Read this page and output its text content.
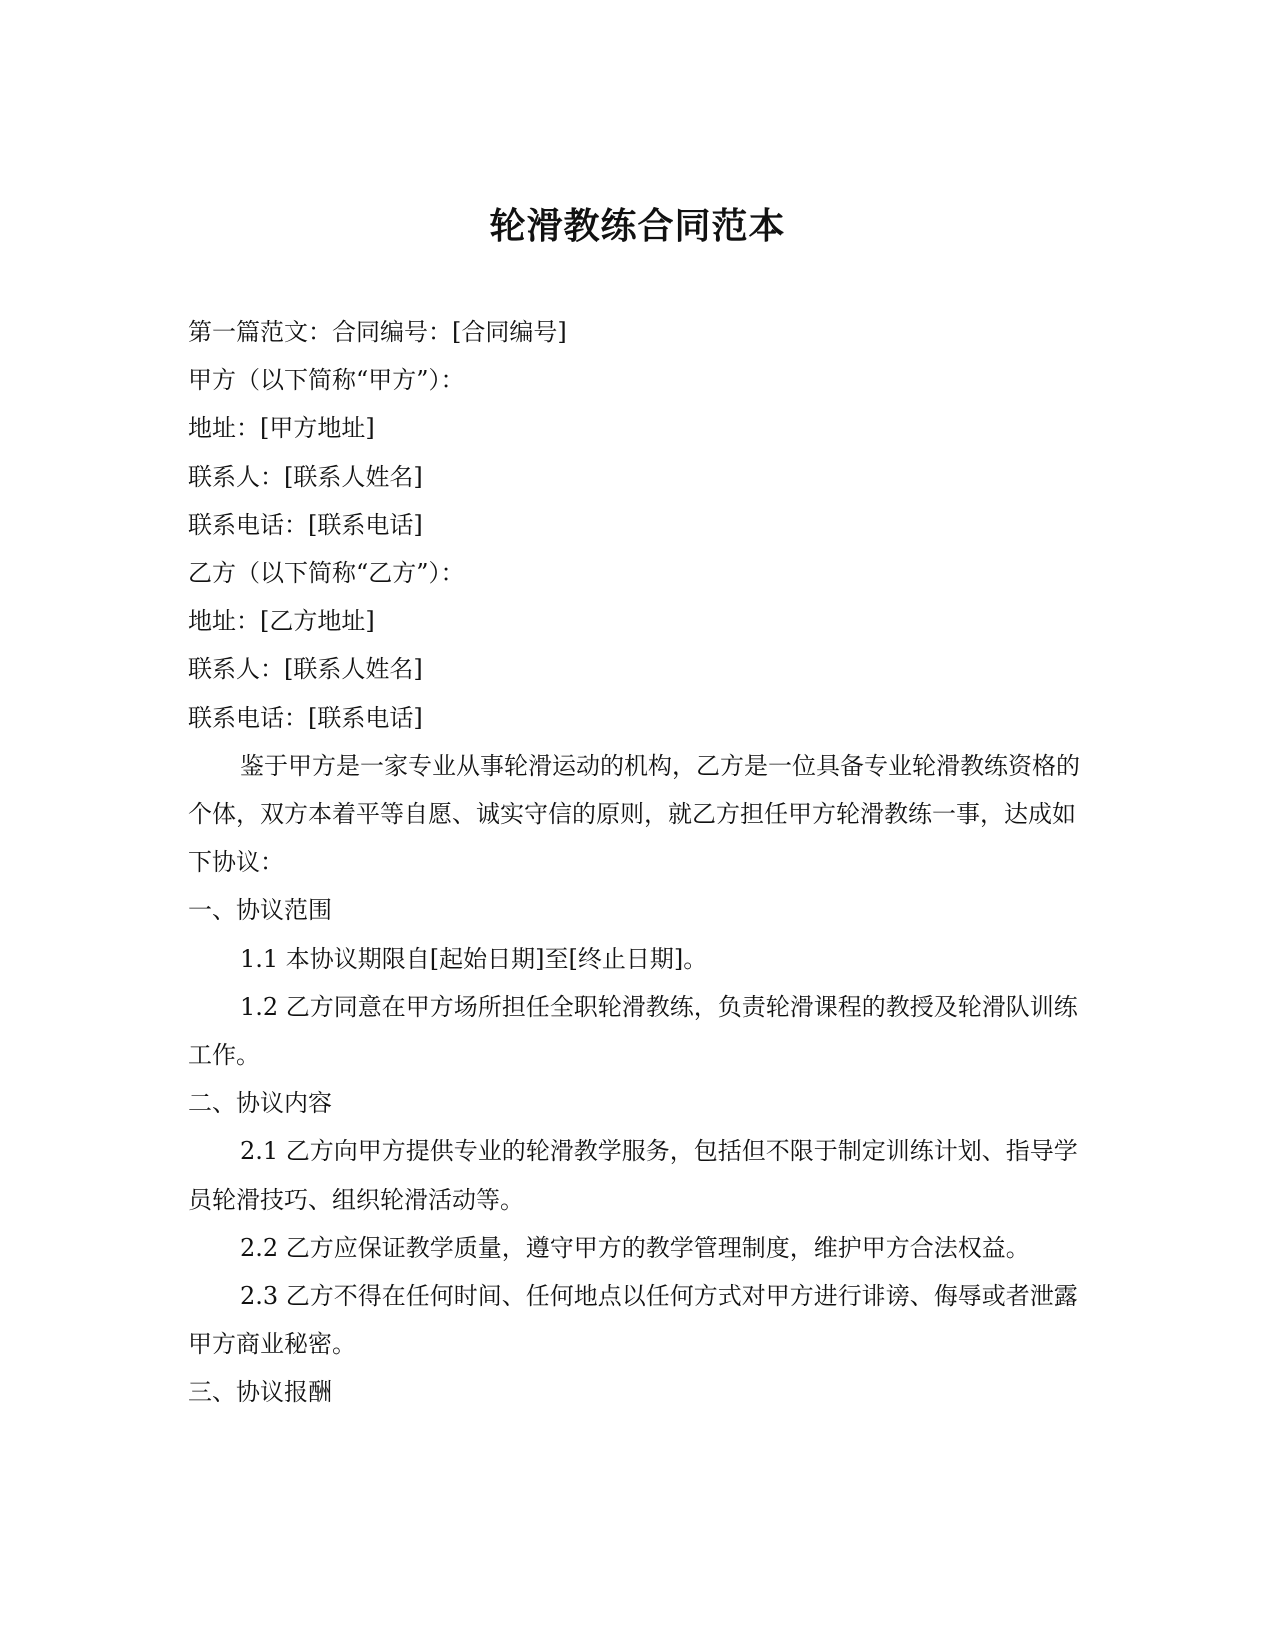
轮滑教练合同范本

第一篇范文：合同编号：[合同编号]

甲方（以下简称“甲方”）：

地址：[甲方地址]

联系人：[联系人姓名]

联系电话：[联系电话]

乙方（以下简称“乙方”）：

地址：[乙方地址]

联系人：[联系人姓名]

联系电话：[联系电话]

鉴于甲方是一家专业从事轮滑运动的机构，乙方是一位具备专业轮滑教练资格的个体，双方本着平等自愿、诚实守信的原则，就乙方担任甲方轮滑教练一事，达成如下协议：

一、协议范围

1.1 本协议期限自[起始日期]至[终止日期]。

1.2 乙方同意在甲方场所担任全职轮滑教练，负责轮滑课程的教授及轮滑队训练工作。

二、协议内容

2.1 乙方向甲方提供专业的轮滑教学服务，包括但不限于制定训练计划、指导学员轮滑技巧、组织轮滑活动等。

2.2 乙方应保证教学质量，遵守甲方的教学管理制度，维护甲方合法权益。

2.3 乙方不得在任何时间、任何地点以任何方式对甲方进行诽谤、侮辱或者泄露甲方商业秘密。

三、协议报酬
